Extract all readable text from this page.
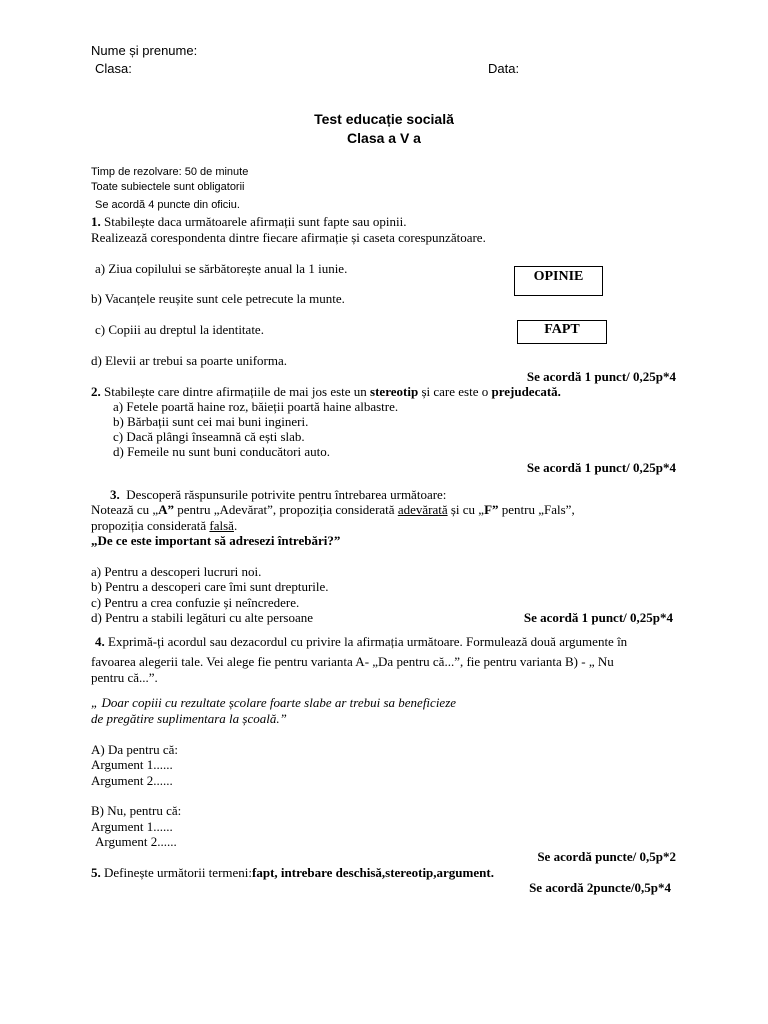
Nume și prenume:
Clasa:	Data:
Test educație socială
Clasa a V a
Timp de rezolvare: 50 de minute
Toate subiectele sunt obligatorii
Se acordă 4 puncte din oficiu.
1. Stabilește daca următoarele afirmații sunt fapte sau opinii.
Realizează corespondenta dintre fiecare afirmație și caseta corespunzătoare.
a) Ziua copilului se sărbătorește anual la 1 iunie.
b) Vacanțele reușite sunt cele petrecute la munte.
c) Copiii au dreptul la identitate.
d) Elevii ar trebui sa poarte uniforma.
OPINIE
FAPT
Se acordă 1 punct/ 0,25p*4
2. Stabilește care dintre afirmațiile de mai jos este un stereotip și care este o prejudecată.
a) Fetele poartă haine roz, băieții poartă haine albastre.
b) Bărbații sunt cei mai buni ingineri.
c) Dacă plângi înseamnă că ești slab.
d) Femeile nu sunt buni conducători auto.
Se acordă 1 punct/ 0,25p*4
3. Descoperă răspunsurile potrivite pentru întrebarea următoare:
Notează cu „A” pentru „Adevărat”, propoziția considerată adevărată și cu „F” pentru „Fals”,
propoziția considerată falsă.
„De ce este important să adresezi întrebări?”
a) Pentru a descoperi lucruri noi.
b) Pentru a descoperi care îmi sunt drepturile.
c) Pentru a crea confuzie și neîncredere.
d) Pentru a stabili legături cu alte persoane	Se acordă 1 punct/ 0,25p*4
4. Exprimă-ți acordul sau dezacordul cu privire la afirmația următoare. Formulează două argumente în
favoarea alegerii tale. Vei alege fie pentru varianta A- „Da pentru că...”, fie pentru varianta B) - „ Nu
pentru că...”.
„ Doar copiii cu rezultate școlare foarte slabe ar trebui sa beneficieze
de pregătire suplimentara la școală.”
A) Da pentru că:
Argument 1......
Argument 2......
B) Nu, pentru că:
Argument 1......
Argument 2......
Se acordă puncte/ 0,5p*2
5. Definește următorii termeni:fapt, intrebare deschisă,stereotip,argument.
Se acordă 2puncte/0,5p*4
